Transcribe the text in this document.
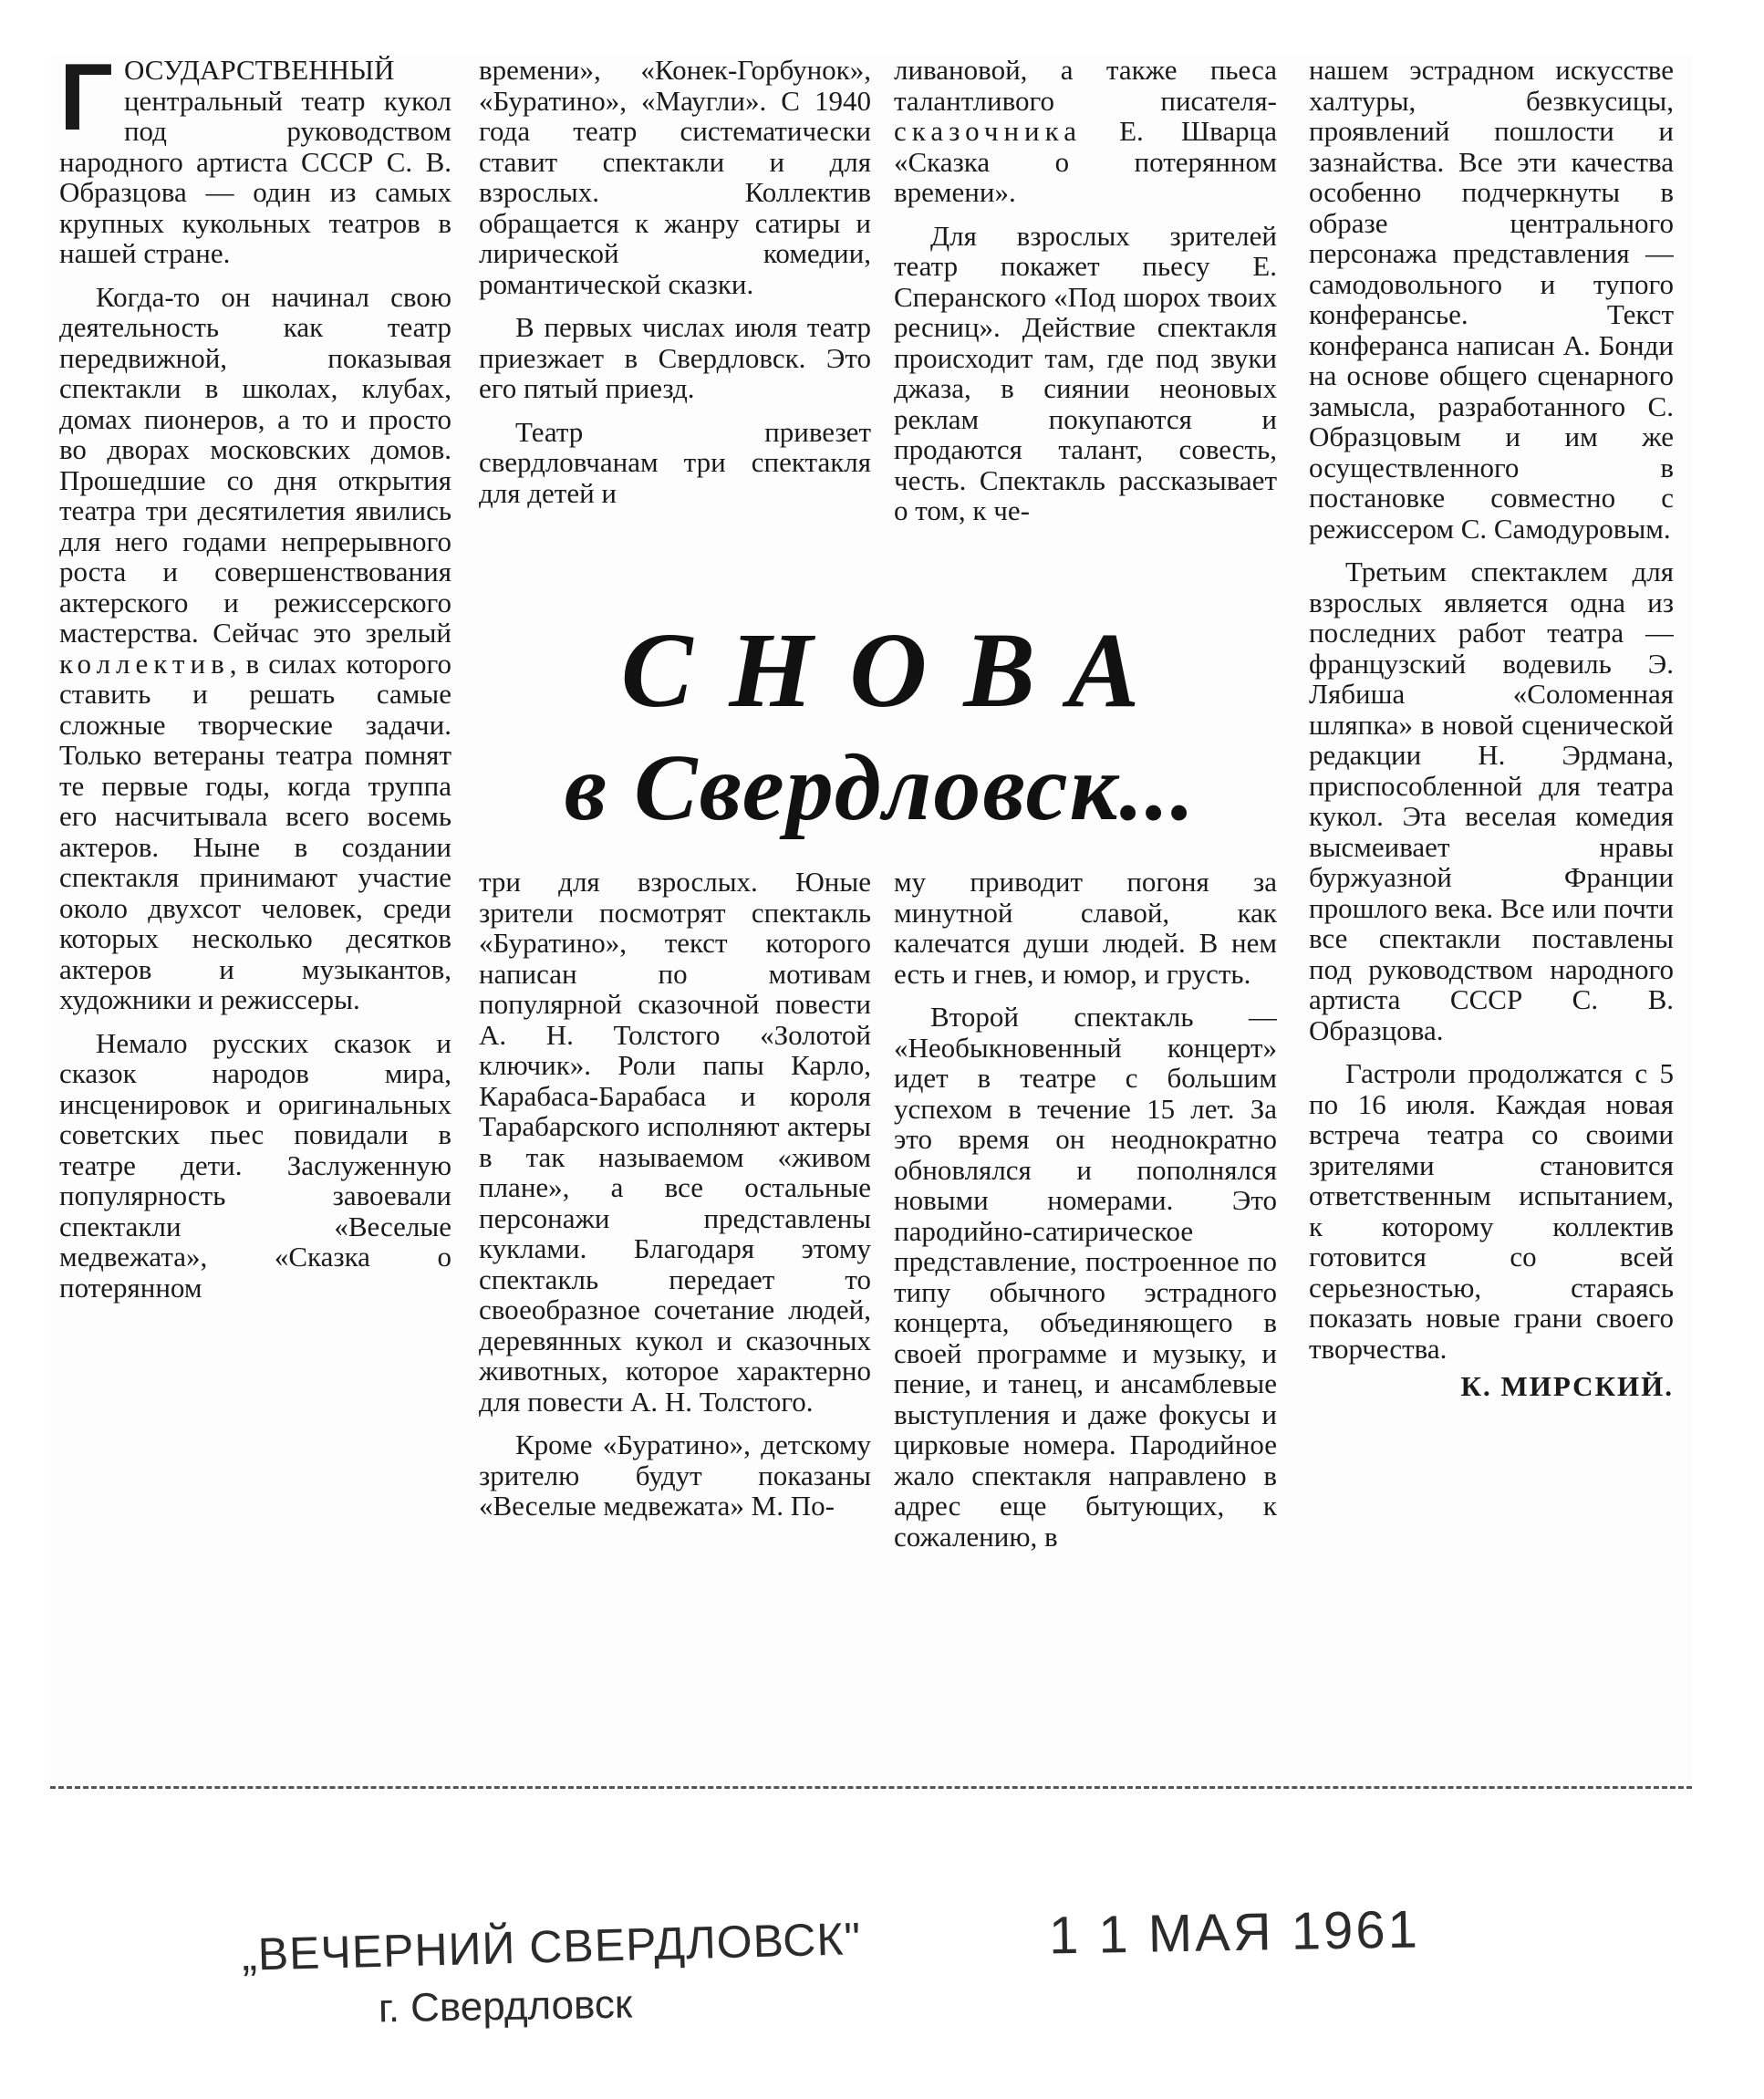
ГОСУДАРСТВЕННЫЙ центральный театр кукол под руководством народного артиста СССР С. В. Образцова — один из самых крупных кукольных театров в нашей стране.

Когда-то он начинал свою деятельность как театр передвижной, показывая спектакли в школах, клубах, домах пионеров, а то и просто во дворах московских домов. Прошедшие со дня открытия театра три десятилетия явились для него годами непрерывного роста и совершенствования актерского и режиссерского мастерства. Сейчас это зрелый коллектив, в силах которого ставить и решать самые сложные творческие задачи. Только ветераны театра помнят те первые годы, когда труппа его насчитывала всего восемь актеров. Ныне в создании спектакля принимают участие около двухсот человек, среди которых несколько десятков актеров и музыкантов, художники и режиссеры.

Немало русских сказок и сказок народов мира, инсценировок и оригинальных советских пьес повидали в театре дети. Заслуженную популярность завоевали спектакли «Веселые медвежата», «Сказка о потерянном

времени», «Конек-Горбунок», «Буратино», «Маугли». С 1940 года театр систематически ставит спектакли и для взрослых. Коллектив обращается к жанру сатиры и лирической комедии, романтической сказки.

В первых числах июля театр приезжает в Свердловск. Это его пятый приезд.

Театр привезет свердловчанам три спектакля для детей и

ливановой, а также пьеса талантливого писателя-сказочника Е. Шварца «Сказка о потерянном времени».

Для взрослых зрителей театр покажет пьесу Е. Сперанского «Под шорох твоих ресниц». Действие спектакля происходит там, где под звуки джаза, в сиянии неоновых реклам покупаются и продаются талант, совесть, честь. Спектакль рассказывает о том, к че-

СНОВА
в Свердловск...

три для взрослых. Юные зрители посмотрят спектакль «Буратино», текст которого написан по мотивам популярной сказочной повести А. Н. Толстого «Золотой ключик». Роли папы Карло, Карабаса-Барабаса и короля Тарабарского исполняют актеры в так называемом «живом плане», а все остальные персонажи представлены куклами. Благодаря этому спектакль передает то своеобразное сочетание людей, деревянных кукол и сказочных животных, которое характерно для повести А. Н. Толстого.

Кроме «Буратино», детскому зрителю будут показаны «Веселые медвежата» М. По-

му приводит погоня за минутной славой, как калечатся души людей. В нем есть и гнев, и юмор, и грусть.

Второй спектакль — «Необыкновенный концерт» идет в театре с большим успехом в течение 15 лет. За это время он неоднократно обновлялся и пополнялся новыми номерами. Это пародийно-сатирическое представление, построенное по типу обычного эстрадного концерта, объединяющего в своей программе и музыку, и пение, и танец, и ансамблевые выступления и даже фокусы и цирковые номера. Пародийное жало спектакля направлено в адрес еще бытующих, к сожалению, в

нашем эстрадном искусстве халтуры, безвкусицы, проявлений пошлости и зазнайства. Все эти качества особенно подчеркнуты в образе центрального персонажа представления — самодовольного и тупого конферансье. Текст конферанса написан А. Бонди на основе общего сценарного замысла, разработанного С. Образцовым и им же осуществленного в постановке совместно с режиссером С. Самодуровым.

Третьим спектаклем для взрослых является одна из последних работ театра — французский водевиль Э. Лябиша «Соломенная шляпка» в новой сценической редакции Н. Эрдмана, приспособленной для театра кукол. Эта веселая комедия высмеивает нравы буржуазной Франции прошлого века. Все или почти все спектакли поставлены под руководством народного артиста СССР С. В. Образцова.

Гастроли продолжатся с 5 по 16 июля. Каждая новая встреча театра со своими зрителями становится ответственным испытанием, к которому коллектив готовится со всей серьезностью, стараясь показать новые грани своего творчества.

К. МИРСКИЙ.

„ВЕЧЕРНИЙ СВЕРДЛОВСК"
г. Свердловск
1 1 МАЯ 1961
